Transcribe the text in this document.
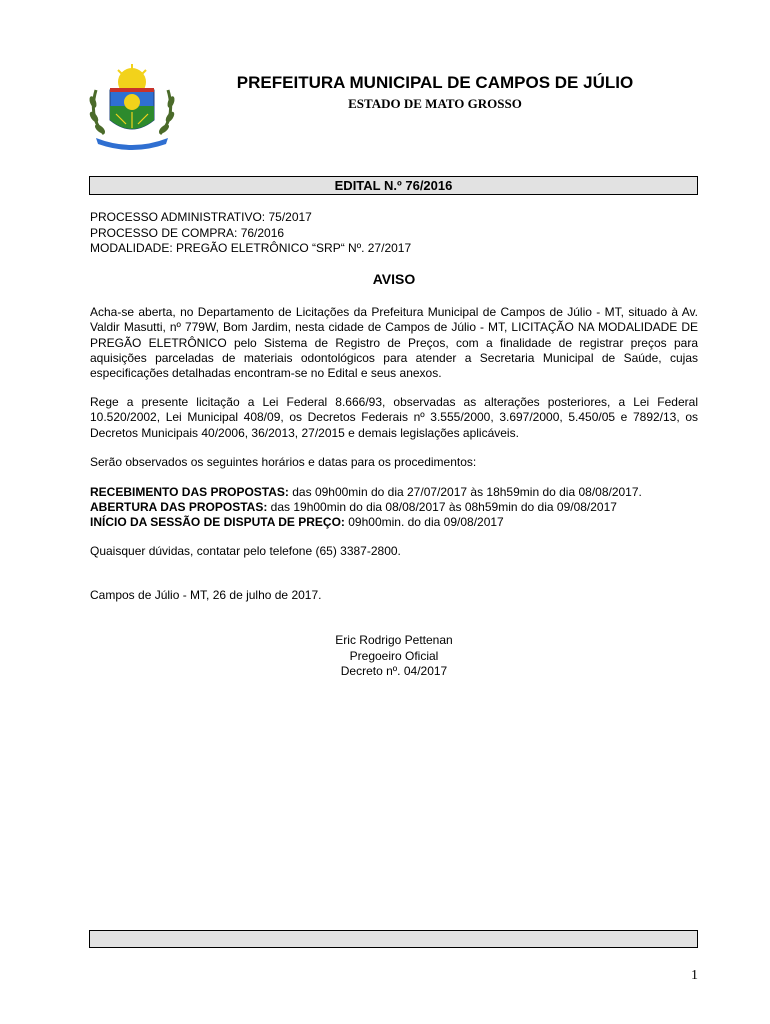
PREFEITURA MUNICIPAL DE CAMPOS DE JÚLIO
ESTADO DE MATO GROSSO
EDITAL N.º 76/2016
PROCESSO ADMINISTRATIVO: 75/2017
PROCESSO DE COMPRA: 76/2016
MODALIDADE: PREGÃO ELETRÔNICO “SRP“ Nº. 27/2017
AVISO
Acha-se aberta, no Departamento de Licitações da Prefeitura Municipal de Campos de Júlio - MT, situado à Av. Valdir Masutti, nº 779W, Bom Jardim, nesta cidade de Campos de Júlio - MT, LICITAÇÃO NA MODALIDADE DE PREGÃO ELETRÔNICO pelo Sistema de Registro de Preços, com a finalidade de registrar preços para aquisições parceladas de materiais odontológicos para atender a Secretaria Municipal de Saúde, cujas especificações detalhadas encontram-se no Edital e seus anexos.
Rege a presente licitação a Lei Federal 8.666/93, observadas as alterações posteriores, a Lei Federal 10.520/2002, Lei Municipal 408/09, os Decretos Federais nº 3.555/2000, 3.697/2000, 5.450/05 e 7892/13, os Decretos Municipais 40/2006, 36/2013, 27/2015 e demais legislações aplicáveis.
Serão observados os seguintes horários e datas para os procedimentos:
RECEBIMENTO DAS PROPOSTAS: das 09h00min do dia 27/07/2017 às 18h59min do dia 08/08/2017.
ABERTURA DAS PROPOSTAS: das 19h00min do dia 08/08/2017 às 08h59min do dia 09/08/2017
INÍCIO DA SESSÃO DE DISPUTA DE PREÇO: 09h00min. do dia 09/08/2017
Quaisquer dúvidas, contatar pelo telefone (65) 3387-2800.
Campos de Júlio - MT, 26 de julho de 2017.
Eric Rodrigo Pettenan
Pregoeiro Oficial
Decreto nº. 04/2017
1
